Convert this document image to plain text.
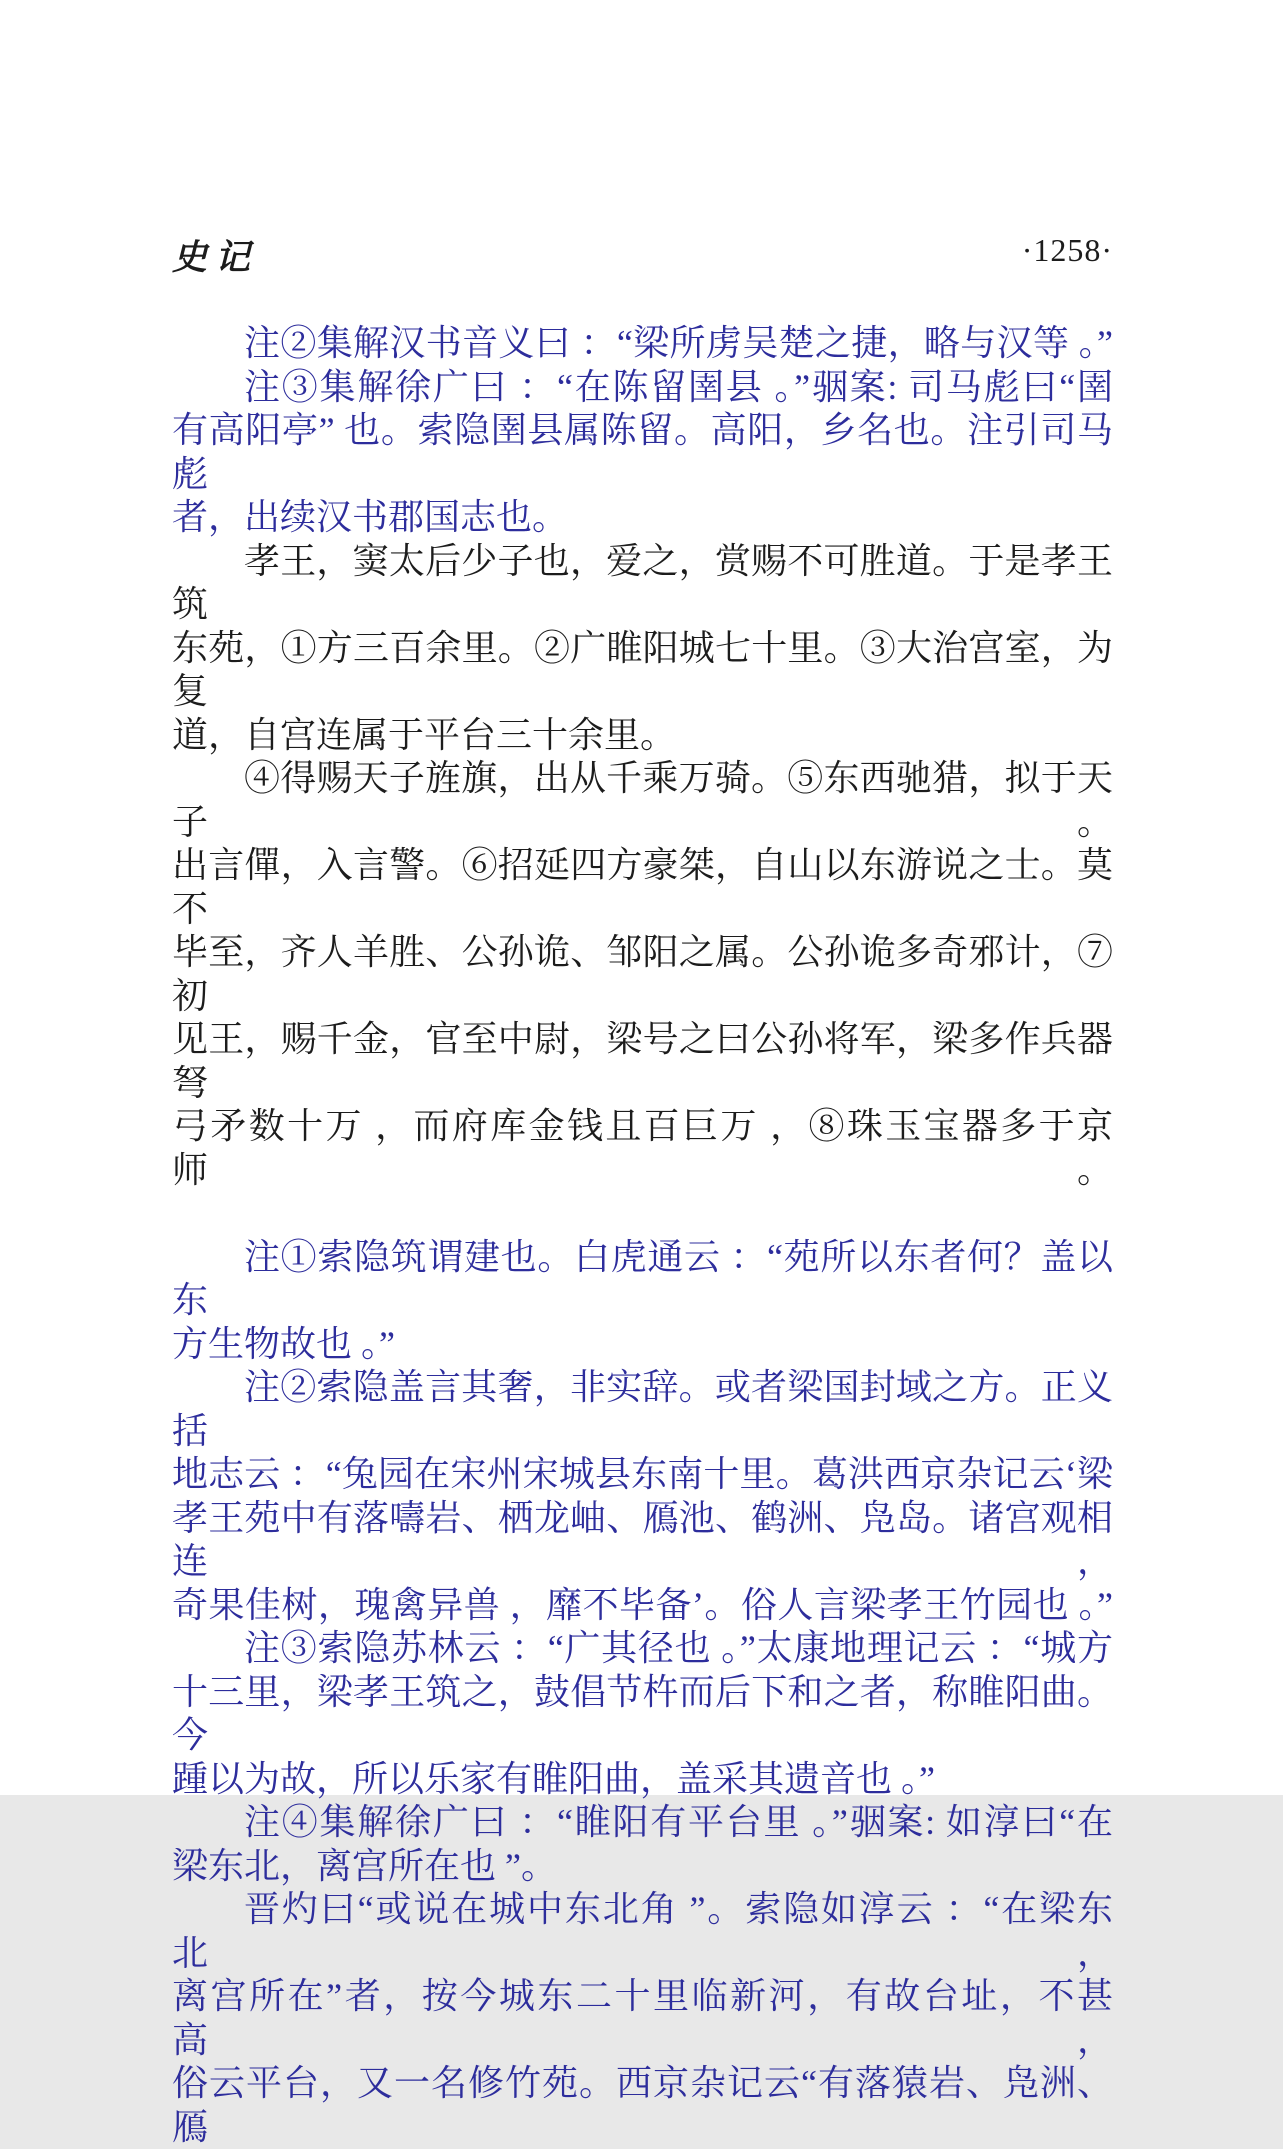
史记	·1258·
注②集解汉书音义曰 ：“梁所虏吴楚之捷，略与汉等 。”
注③集解徐广曰 ：“在陈留圉县 。”骃案: 司马彪曰“圉
有高阳亭” 也。索隐圉县属陈留。高阳，乡名也。注引司马彪
者，出续汉书郡国志也。
孝王，窦太后少子也，爱之，赏赐不可胜道。于是孝王筑
东苑，①方三百余里。②广睢阳城七十里。③大治宫室，为复
道，自宫连属于平台三十余里。
④得赐天子旌旗，出从千乘万骑。⑤东西驰猎，拟于天子。
出言僤，入言警。⑥招延四方豪桀，自山以东游说之士。莫不
毕至，齐人羊胜、公孙诡、邹阳之属。公孙诡多奇邪计，⑦初
见王，赐千金，官至中尉，梁号之曰公孙将军，梁多作兵器弩
弓矛数十万 ，而府库金钱且百巨万 ，⑧珠玉宝器多于京师。
注①索隐筑谓建也。白虎通云 ：“苑所以东者何？盖以东
方生物故也 。”
注②索隐盖言其奢，非实辞。或者梁国封域之方。正义括
地志云 ：“兔园在宋州宋城县东南十里。葛洪西京杂记云‘梁
孝王苑中有落嚋岩、栖龙岫、鴈池、鹤洲、凫岛。诸宫观相连，
奇果佳树，瑰禽异兽 ，靡不毕备’。俗人言梁孝王竹园也 。”
注③索隐苏林云 ：“广其径也 。”太康地理记云 ：“城方
十三里，梁孝王筑之，鼓倡节杵而后下和之者，称睢阳曲。今
踵以为故，所以乐家有睢阳曲，盖采其遗音也 。”
注④集解徐广曰 ：“睢阳有平台里 。”骃案: 如淳曰“在
梁东北，离宫所在也 ”。
晋灼曰“或说在城中东北角 ”。索隐如淳云 ：“在梁东北，
离宫所在”者，按今城东二十里临新河，有故台址，不甚高，
俗云平台，又一名修竹苑。西京杂记云“有落猿岩、凫洲、鴈
